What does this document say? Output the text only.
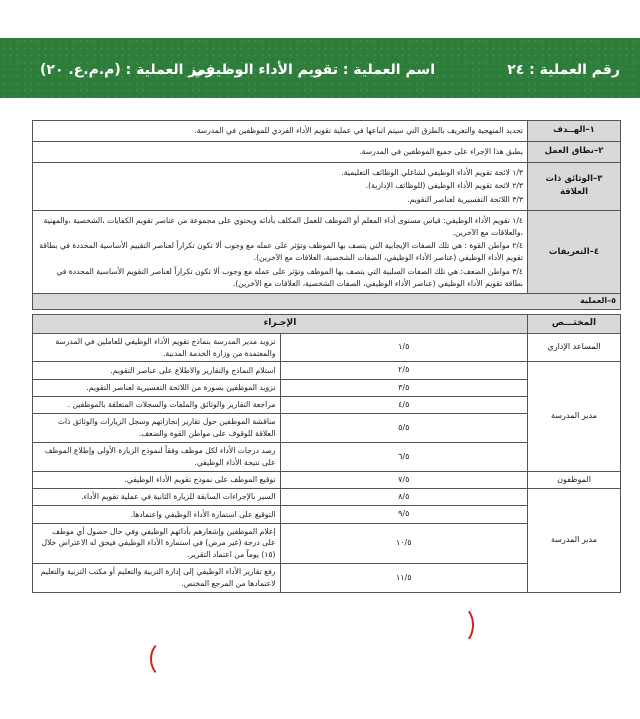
رقم العملية : ٢٤
اسم العملية : تقويم الأداء الوظيفي
رمز العملية : (م.م.ع. ٢٠)
١–الهــدف	تحديد المنهجية والتعريف بالطرق التي سيتم اتباعها في عملية تقويم الأداء الفردي للموظفين في المدرسة.

٢–نطاق العمل	يطبق هذا الإجراء على جميع الموظفين في المدرسة.

٣–الوثائق ذات العلاقة	١/٣ لائحة تقويم الأداء الوظيفي لشاغلي الوظائف التعليمية.

٢/٣ لائحة تقويم الأداء الوظيفي (للوظائف الإدارية).

٣/٣ اللائحة التفسيرية لعناصر التقويم.

٤–التعريفات	١/٤ تقويم الأداء الوظيفي: قياس مستوى أداء المعلم أو الموظف للعمل المكلف بأدائه ويحتوي على مجموعة من عناصر تقويم الكفايات ،الشخصية ،والمهنية ،والعلاقات مع الآخرين.

٢/٤ مواطن القوة : هي تلك الصفات الإيجابية التي يتصف بها الموظف وتؤثر على عمله مع وجوب ألا تكون تكراراً لعناصر التقييم الأساسية المحددة في بطاقة تقويم الأداء الوظيفي (عناصر الأداء الوظيفي، الصفات الشخصية، العلاقات مع الآخرين).

٣/٤ مواطن الضعف: هي تلك الصفات السلبية التي يتصف بها الموظف وتؤثر على عمله مع وجوب ألا تكون تكراراً لعناصر التقويم الأساسية المحددة في بطاقة تقويم الأداء الوظيفي (عناصر الأداء الوظيفي، الصفات الشخصية، العلاقات مع الآخرين).

٥–العملية	
المختـــص	الإجـراء	
المساعد الإداري	١/٥	تزويد مدير المدرسة بنماذج تقويم الأداء الوظيفي للعاملين في المدرسة والمعتمدة من وزارة الخدمة المدنية.
مدير المدرسة	٢/٥	استلام النماذج والتقارير والاطلاع على عناصر التقويم.
	٣/٥	تزويد الموظفين بصورة من اللائحة التفسيرية لعناصر التقويم.
	٤/٥	مراجعة التقارير والوثائق والملفات والسجلات المتعلقة بالموظفين .
	٥/٥	مناقشة الموظفين حول تقارير إنجازاتهم وسجل الزيارات والوثائق ذات العلاقة للوقوف على مواطن القوة والضعف.
	٦/٥	رصد درجات الأداء لكل موظف وفقاً لنموذج الزيارة الأولى وإطلاع الموظف على نتيجة الأداء الوظيفي.
الموظفون	٧/٥	توقيع الموظف على نموذج تقويم الأداء الوظيفي.
مدير المدرسة	٨/٥	السير بالإجراءات السابقة للزيارة الثانية في عملية تقويم الأداء.
	٩/٥	التوقيع على استمارة الأداء الوظيفي واعتمادها.
	١٠/٥	إعلام الموظفين وإشعارهم بأدائهم الوظيفي وفي حال حصول أي موظف على درجة (غير مرض) في استمارة الأداء الوظيفي فيحق له الاعتراض خلال (١٥) يوماً من اعتماد التقرير.
	١١/٥	رفع تقارير الأداء الوظيفي إلى إدارة التربية والتعليم أو مكتب التربية والتعليم لاعتمادها من المرجع المختص.
